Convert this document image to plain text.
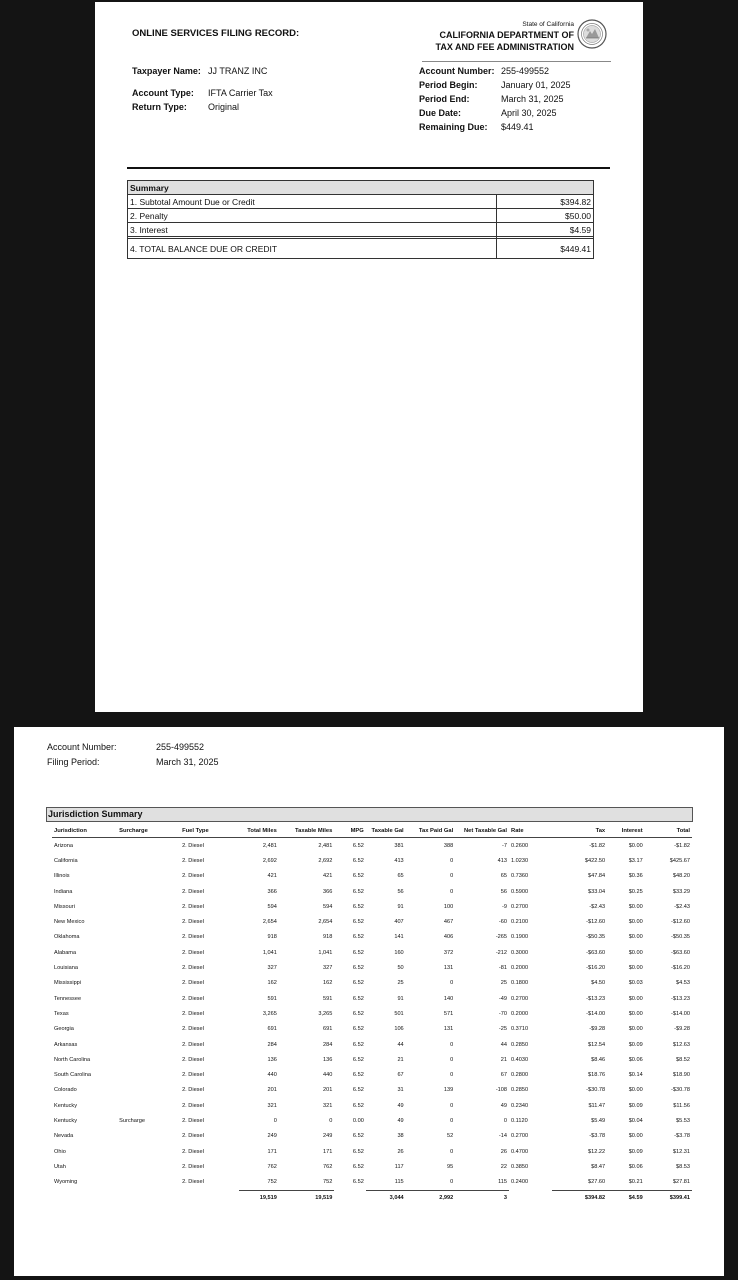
ONLINE SERVICES FILING RECORD:
State of California
CALIFORNIA DEPARTMENT OF
TAX AND FEE ADMINISTRATION
Taxpayer Name: JJ TRANZ INC
Account Type: IFTA Carrier Tax
Return Type: Original
Account Number: 255-499552
Period Begin:	January 01, 2025
Period End:	March 31, 2025
Due Date:	April 30, 2025
Remaining Due: $449.41
Summary	
1. Subtotal Amount Due or Credit	$394.82
2. Penalty	$50.00
3. Interest	$4.59

4. TOTAL BALANCE DUE OR CREDIT	$449.41
Account Number:	255-499552
Filing Period:	March 31, 2025
Jurisdiction Summary
Jurisdiction	Surcharge	Fuel Type	Total Miles	Taxable Miles	MPG	Taxable Gal	Tax Paid Gal	Net Taxable Gal	Rate	Tax	Interest	Total
Arizona		2. Diesel	2,481	2,481	6.52	381	388	-7	0.2600	-$1.82	$0.00	-$1.82
California		2. Diesel	2,692	2,692	6.52	413	0	413	1.0230	$422.50	$3.17	$425.67
Illinois		2. Diesel	421	421	6.52	65	0	65	0.7360	$47.84	$0.36	$48.20
Indiana		2. Diesel	366	366	6.52	56	0	56	0.5900	$33.04	$0.25	$33.29
Missouri		2. Diesel	594	594	6.52	91	100	-9	0.2700	-$2.43	$0.00	-$2.43
New Mexico		2. Diesel	2,654	2,654	6.52	407	467	-60	0.2100	-$12.60	$0.00	-$12.60
Oklahoma		2. Diesel	918	918	6.52	141	406	-265	0.1900	-$50.35	$0.00	-$50.35
Alabama		2. Diesel	1,041	1,041	6.52	160	372	-212	0.3000	-$63.60	$0.00	-$63.60
Louisiana		2. Diesel	327	327	6.52	50	131	-81	0.2000	-$16.20	$0.00	-$16.20
Mississippi		2. Diesel	162	162	6.52	25	0	25	0.1800	$4.50	$0.03	$4.53
Tennessee		2. Diesel	591	591	6.52	91	140	-49	0.2700	-$13.23	$0.00	-$13.23
Texas		2. Diesel	3,265	3,265	6.52	501	571	-70	0.2000	-$14.00	$0.00	-$14.00
Georgia		2. Diesel	691	691	6.52	106	131	-25	0.3710	-$9.28	$0.00	-$9.28
Arkansas		2. Diesel	284	284	6.52	44	0	44	0.2850	$12.54	$0.09	$12.63
North Carolina		2. Diesel	136	136	6.52	21	0	21	0.4030	$8.46	$0.06	$8.52
South Carolina		2. Diesel	440	440	6.52	67	0	67	0.2800	$18.76	$0.14	$18.90
Colorado		2. Diesel	201	201	6.52	31	139	-108	0.2850	-$30.78	$0.00	-$30.78
Kentucky		2. Diesel	321	321	6.52	49	0	49	0.2340	$11.47	$0.09	$11.56
Kentucky	Surcharge	2. Diesel	0	0	0.00	49	0	0	0.1120	$5.49	$0.04	$5.53
Nevada		2. Diesel	249	249	6.52	38	52	-14	0.2700	-$3.78	$0.00	-$3.78
Ohio		2. Diesel	171	171	6.52	26	0	26	0.4700	$12.22	$0.09	$12.31
Utah		2. Diesel	762	762	6.52	117	95	22	0.3850	$8.47	$0.06	$8.53
Wyoming		2. Diesel	752	752	6.52	115	0	115	0.2400	$27.60	$0.21	$27.81
			19,519	19,519		3,044	2,992	3		$394.82	$4.59	$399.41
